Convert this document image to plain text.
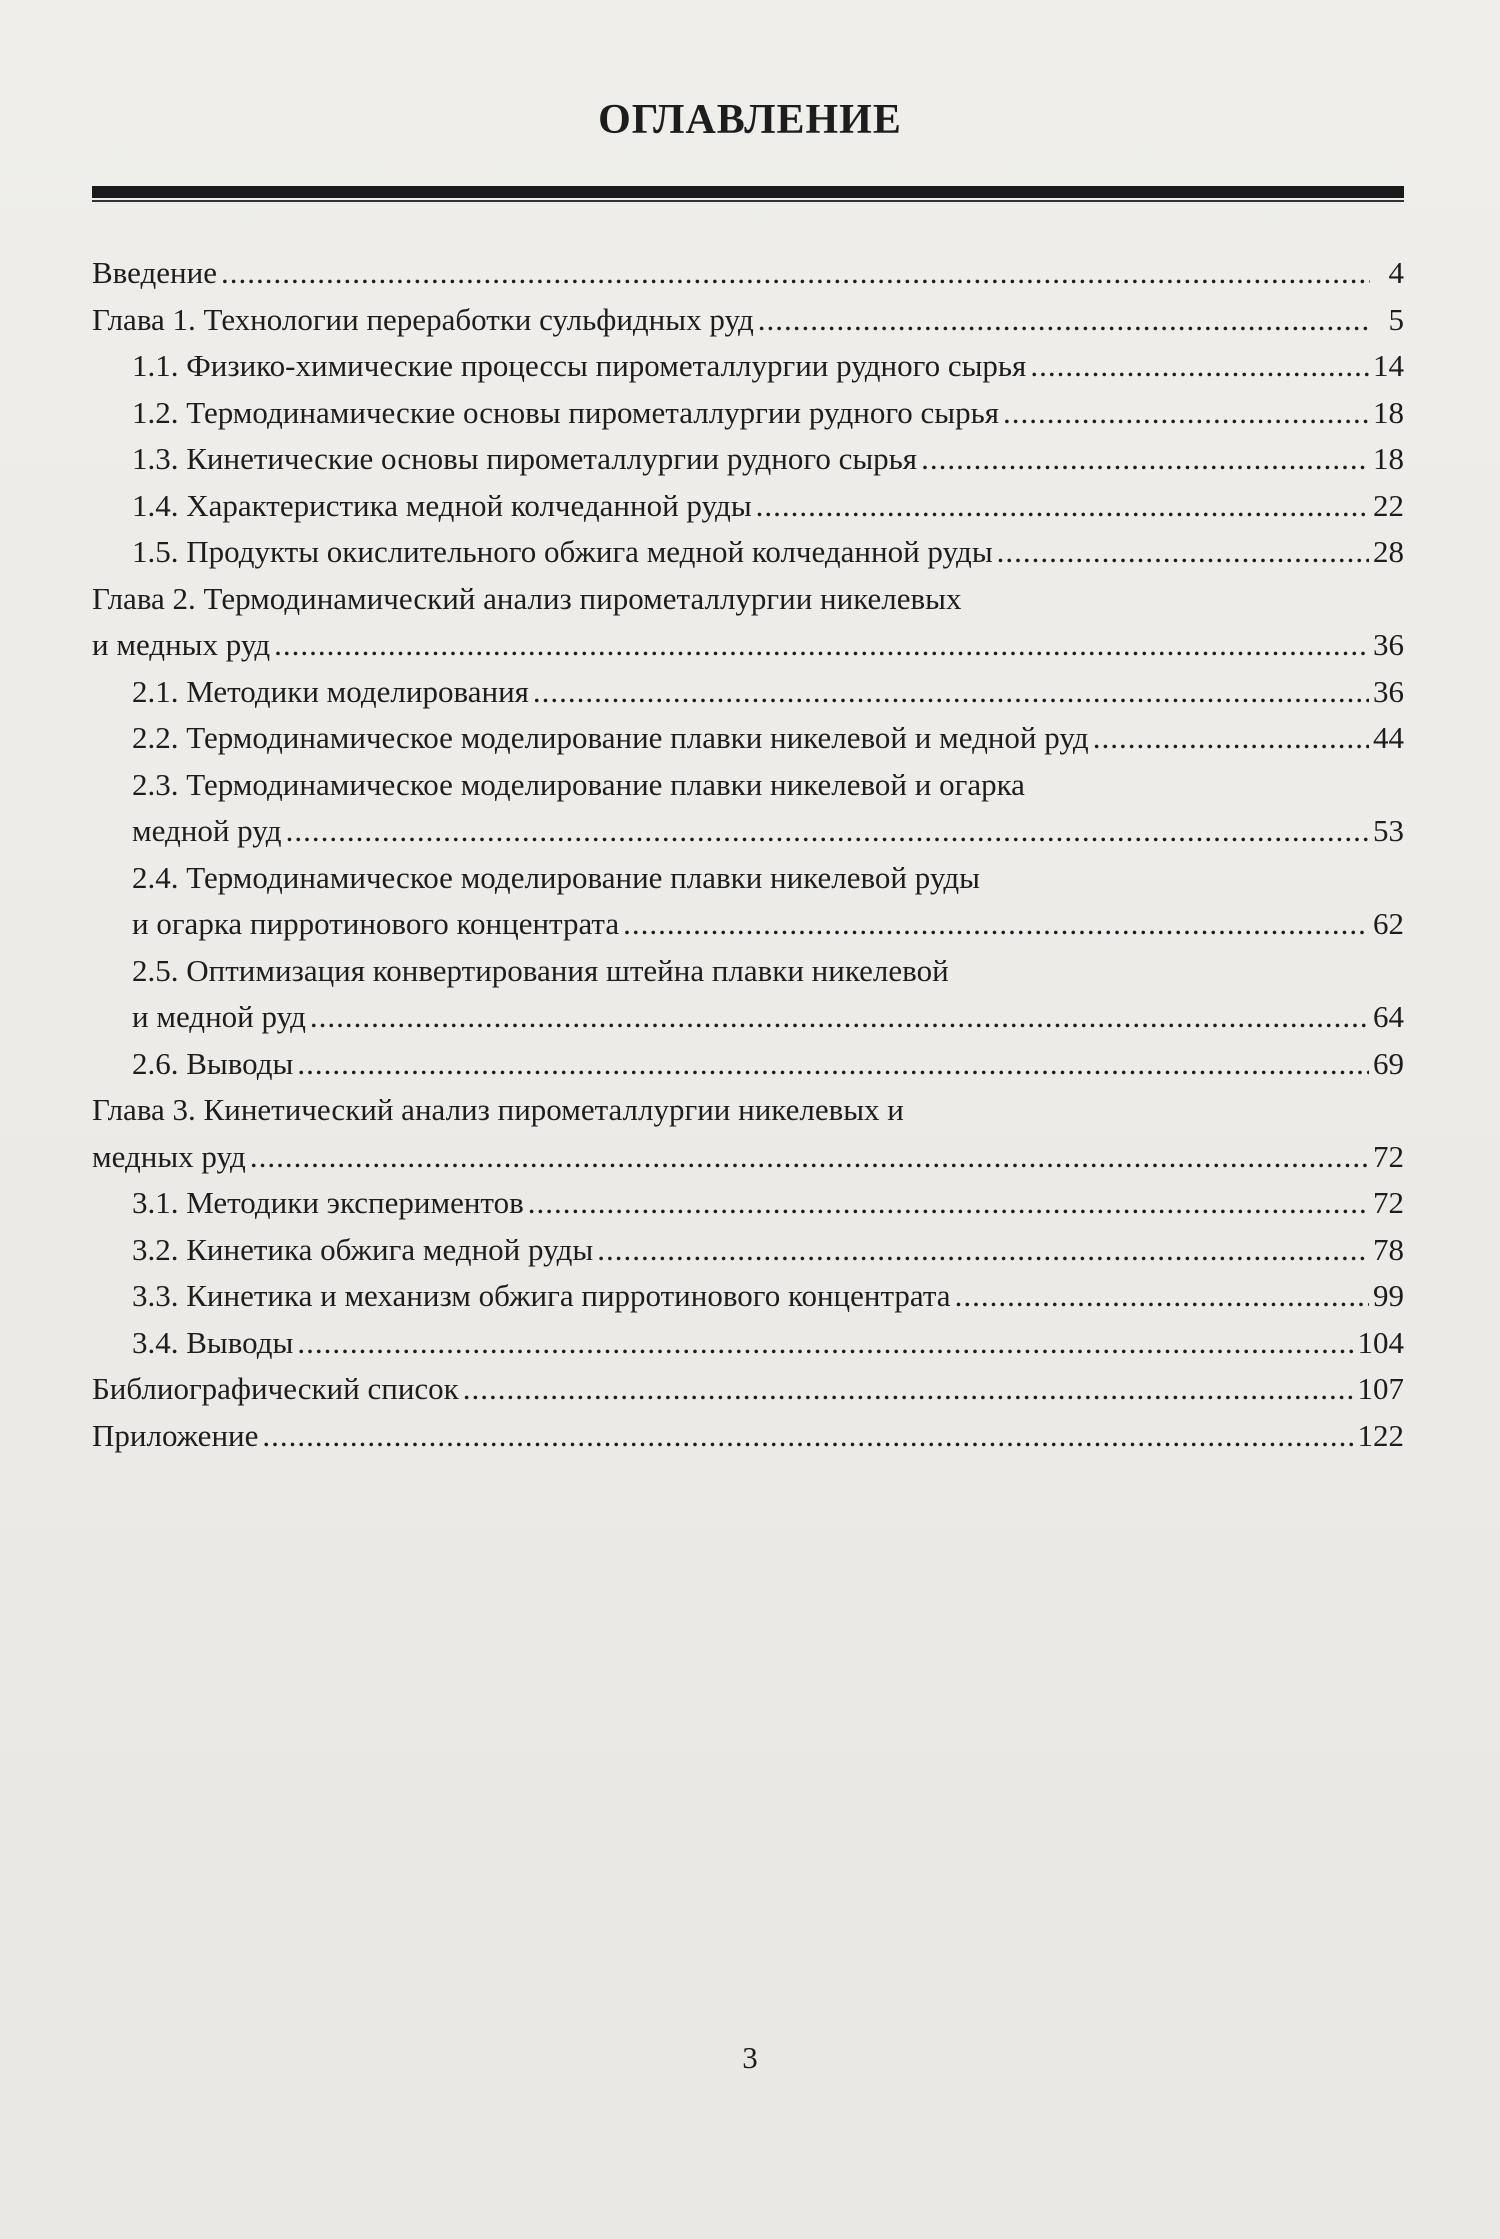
ОГЛАВЛЕНИЕ
Введение .....	4
Глава 1. Технологии переработки сульфидных руд .....	5
1.1. Физико-химические процессы пирометаллургии рудного сырья .....	14
1.2. Термодинамические основы пирометаллургии рудного сырья .....	18
1.3. Кинетические основы пирометаллургии рудного сырья .....	18
1.4. Характеристика медной колчеданной руды .....	22
1.5. Продукты окислительного обжига медной колчеданной руды .....	28
Глава 2. Термодинамический анализ пирометаллургии никелевых
и медных руд .....	36
2.1. Методики моделирования .....	36
2.2. Термодинамическое моделирование плавки никелевой и медной руд .....	44
2.3. Термодинамическое моделирование плавки никелевой и огарка
медной руд .....	53
2.4. Термодинамическое моделирование плавки никелевой руды
и огарка пирротинового концентрата .....	62
2.5. Оптимизация конвертирования штейна плавки никелевой
и медной руд .....	64
2.6. Выводы .....	69
Глава 3. Кинетический анализ пирометаллургии никелевых и
медных руд .....	72
3.1. Методики экспериментов .....	72
3.2. Кинетика обжига медной руды .....	78
3.3. Кинетика и механизм обжига пирротинового концентрата .....	99
3.4. Выводы .....	104
Библиографический список .....	107
Приложение .....	122
3
